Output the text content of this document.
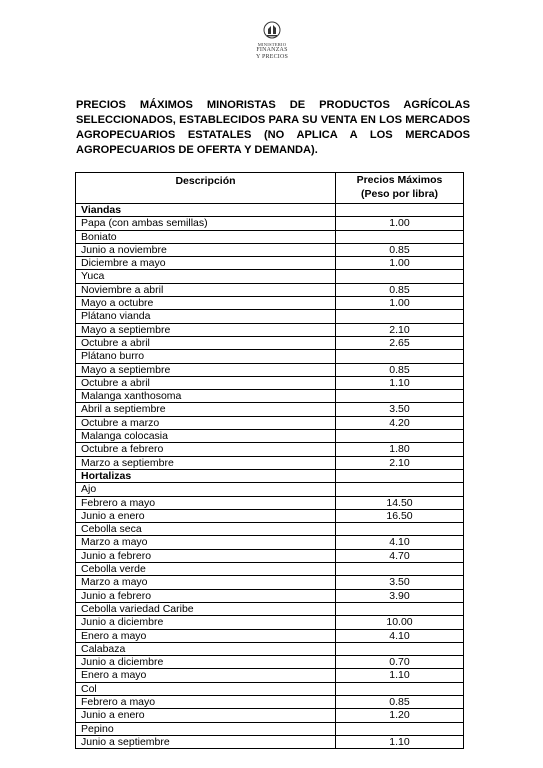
MINISTERIO
FINANZAS
Y PRECIOS
PRECIOS MÁXIMOS MINORISTAS DE PRODUCTOS AGRÍCOLAS SELECCIONADOS, ESTABLECIDOS PARA SU VENTA EN LOS MERCADOS AGROPECUARIOS ESTATALES (NO APLICA A LOS MERCADOS AGROPECUARIOS DE OFERTA Y DEMANDA).
Descripción	Precios Máximos
(Peso por libra)

Viandas	
Papa (con ambas semillas)	1.00
Boniato	
Junio a noviembre	0.85
Diciembre a mayo	1.00
Yuca	
Noviembre a abril	0.85
Mayo a octubre	1.00
Plátano vianda	
Mayo a septiembre	2.10
Octubre a abril	2.65
Plátano burro	
Mayo a septiembre	0.85
Octubre a abril	1.10
Malanga xanthosoma	
Abril a septiembre	3.50
Octubre a marzo	4.20
Malanga colocasia	
Octubre a febrero	1.80
Marzo a septiembre	2.10
Hortalizas	
Ajo	
Febrero a mayo	14.50
Junio a enero	16.50
Cebolla seca	
Marzo a mayo	4.10
Junio a febrero	4.70
Cebolla verde	
Marzo a mayo	3.50
Junio a febrero	3.90
Cebolla variedad Caribe	
Junio a diciembre	10.00
Enero a mayo	4.10
Calabaza	
Junio a diciembre	0.70
Enero a mayo	1.10
Col	
Febrero a mayo	0.85
Junio a enero	1.20
Pepino	
Junio a septiembre	1.10
